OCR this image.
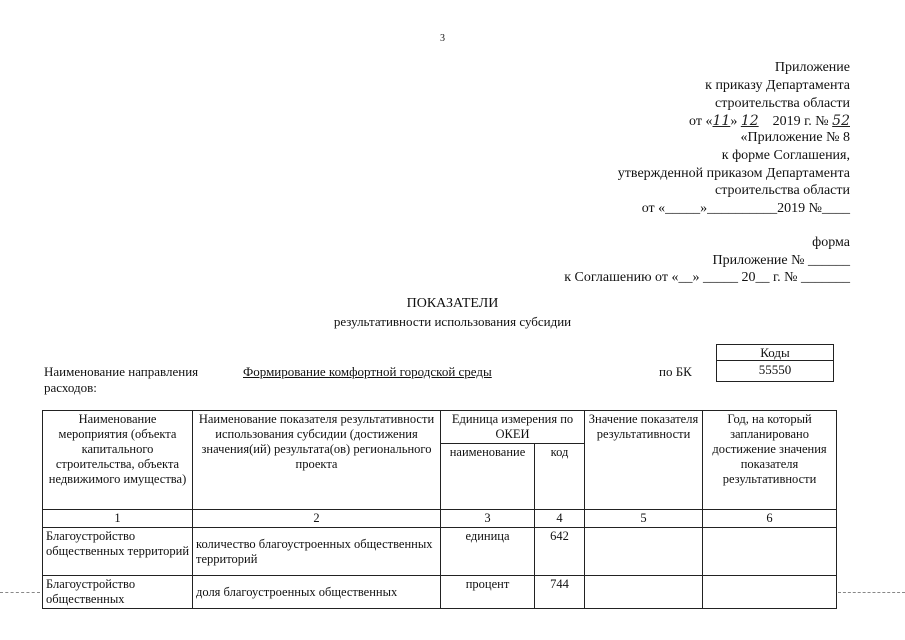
3
Приложение
к приказу Департамента
строительства области
от «11» 12 2019 г. № 52
«Приложение № 8
к форме Соглашения,
утвержденной приказом Департамента
строительства области
от «_____»__________2019 №____
форма
Приложение № ______
к Соглашению от «__» _____ 20__ г. № _______
ПОКАЗАТЕЛИ
результативности использования субсидии
Наименование направления
расходов:
Формирование комфортной городской среды	по БК
Коды
55550
Наименование мероприятия (объекта капитального строительства, объекта недвижимого имущества)	Наименование показателя результативности использования субсидии (достижения значения(ий) результата(ов) регионального проекта	Единица измерения по ОКЕИ		Значение показателя результативности	Год, на который запланировано достижение значения показателя результативности
		наименование	код		
1	2	3	4	5	6
Благоустройство общественных территорий	количество благоустроенных общественных территорий	единица	642		
Благоустройство общественных	доля благоустроенных общественных	процент	744		
